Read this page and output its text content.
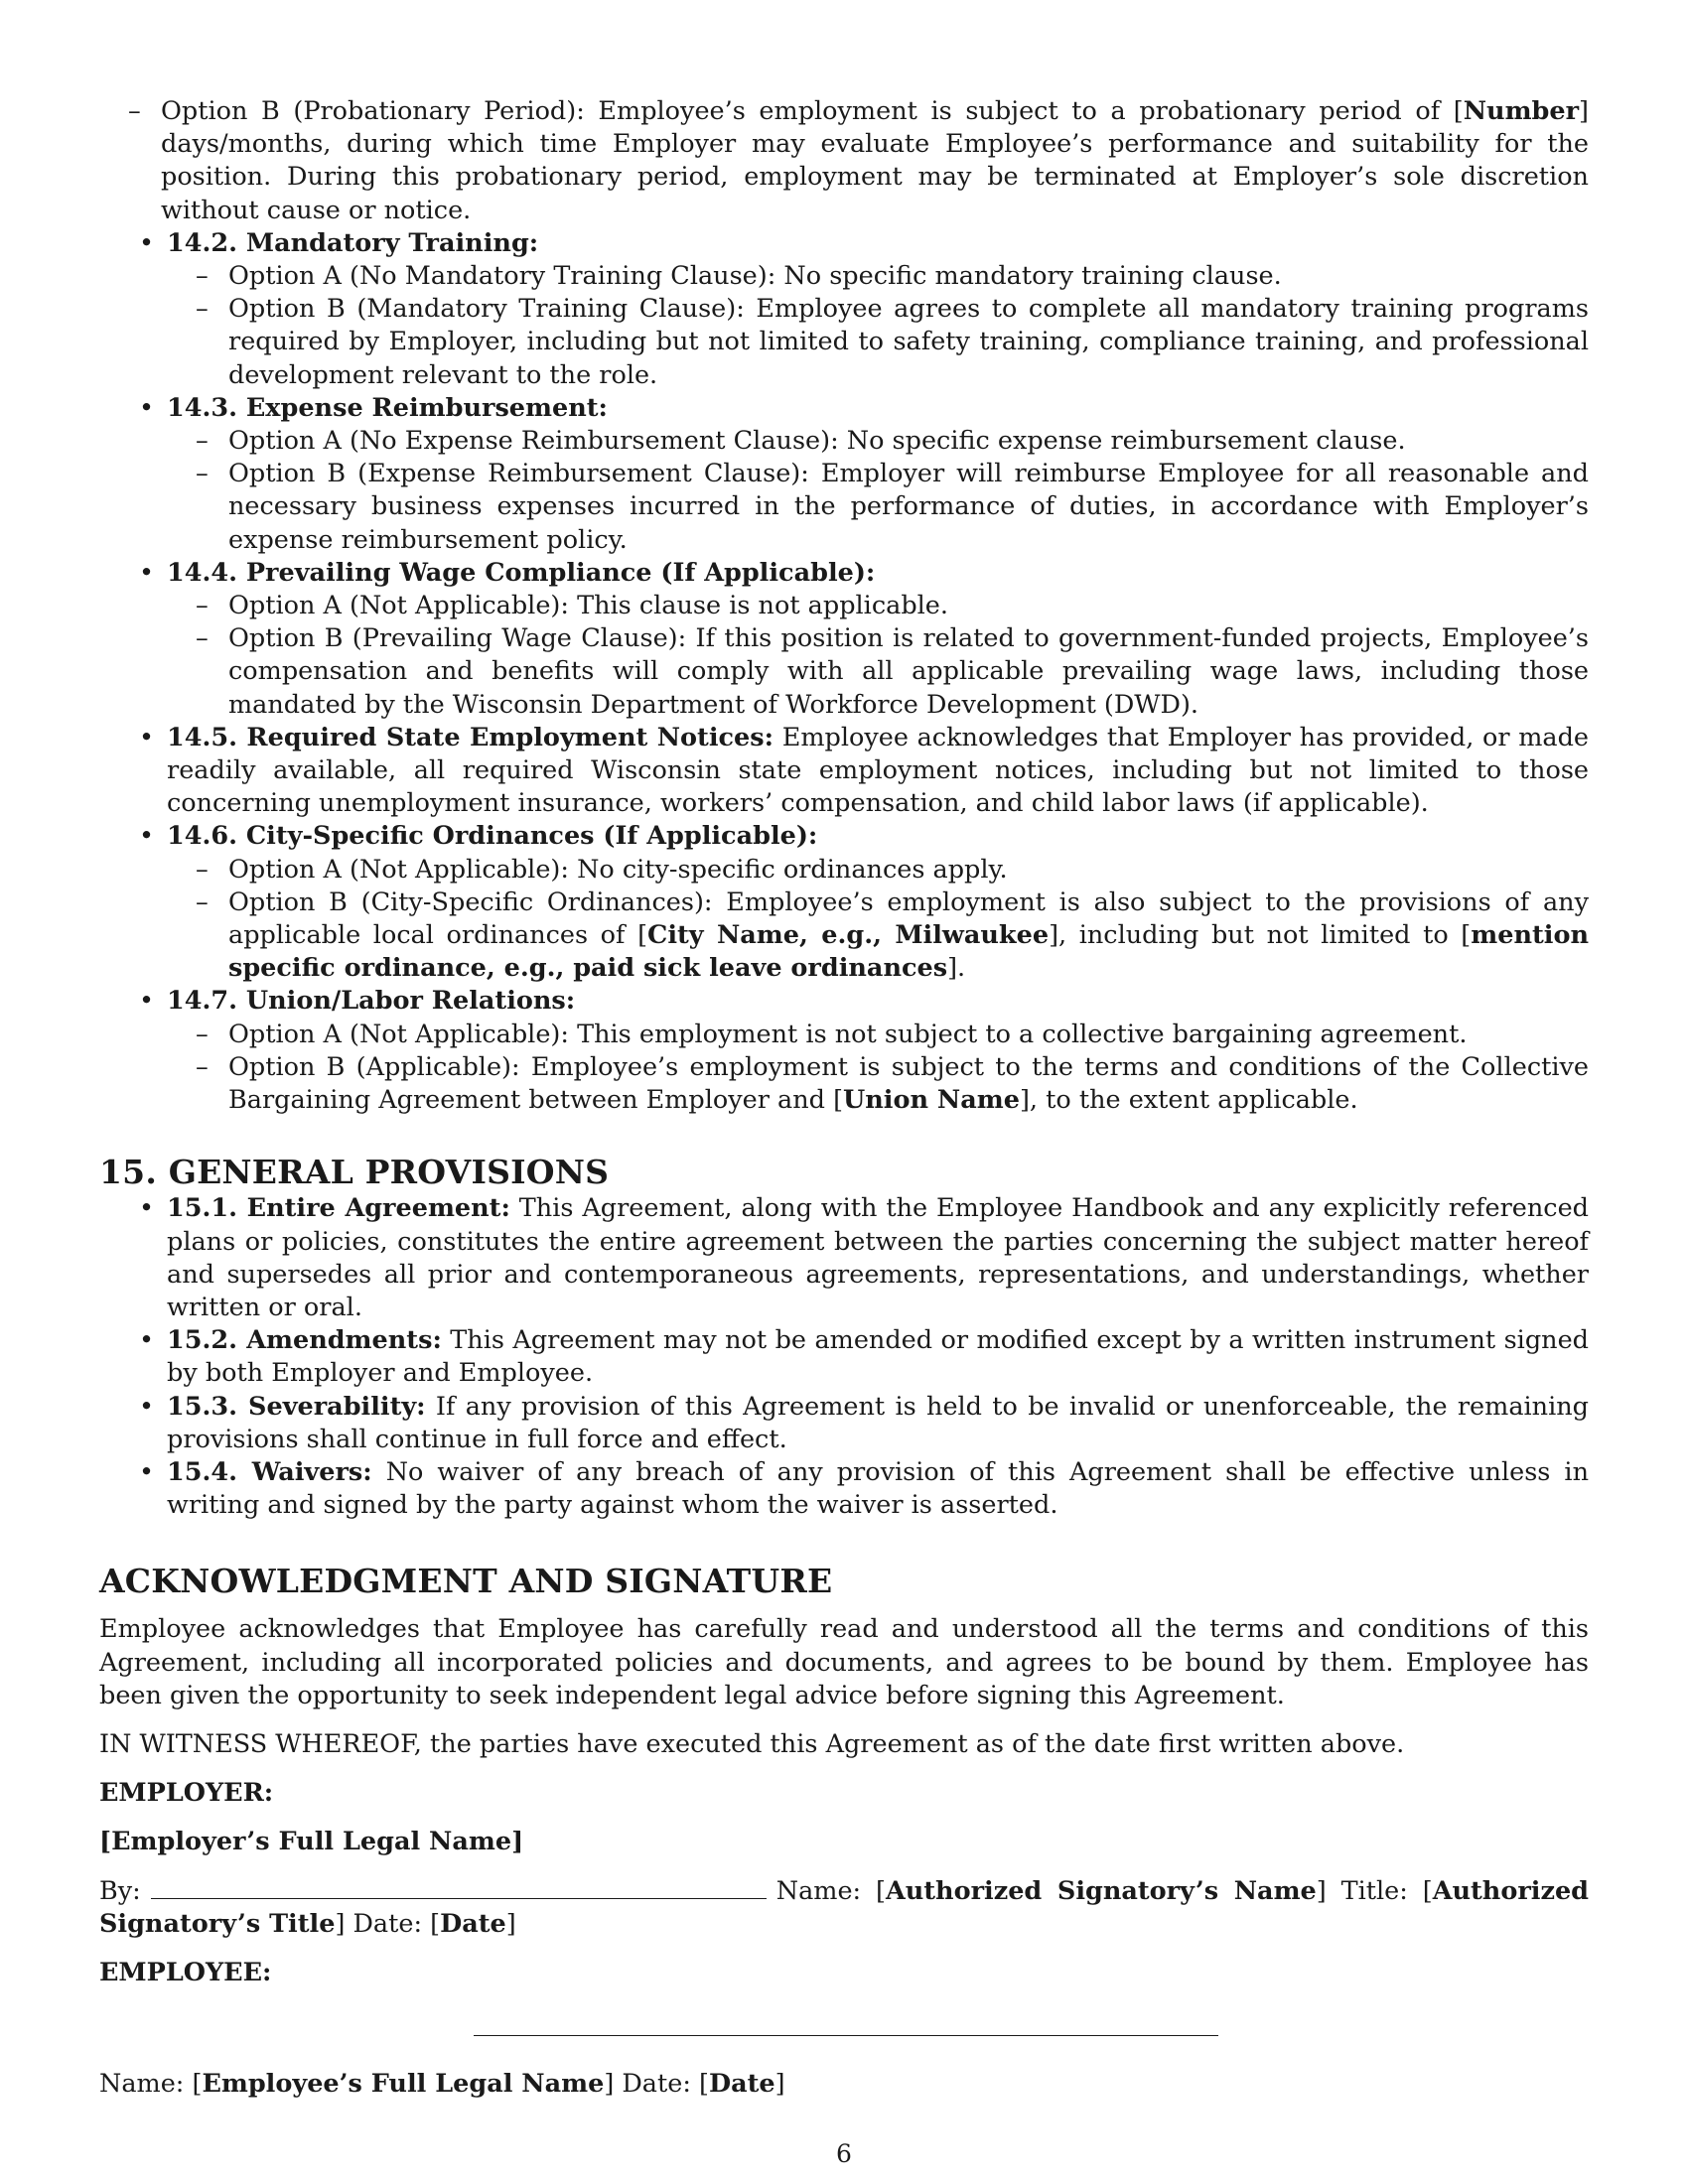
– Option B (Probationary Period): Employee’s employment is subject to a probationary period of [Number] days/months, during which time Employer may evaluate Employee’s performance and suitability for the position. During this probationary period, employment may be terminated at Employer’s sole discretion without cause or notice.
• 14.2. Mandatory Training:
– Option A (No Mandatory Training Clause): No specific mandatory training clause.
– Option B (Mandatory Training Clause): Employee agrees to complete all mandatory training programs required by Employer, including but not limited to safety training, compliance training, and professional development relevant to the role.
• 14.3. Expense Reimbursement:
– Option A (No Expense Reimbursement Clause): No specific expense reimbursement clause.
– Option B (Expense Reimbursement Clause): Employer will reimburse Employee for all reasonable and necessary business expenses incurred in the performance of duties, in accordance with Employer’s expense reimbursement policy.
• 14.4. Prevailing Wage Compliance (If Applicable):
– Option A (Not Applicable): This clause is not applicable.
– Option B (Prevailing Wage Clause): If this position is related to government-funded projects, Employee’s compensation and benefits will comply with all applicable prevailing wage laws, including those mandated by the Wisconsin Department of Workforce Development (DWD).
• 14.5. Required State Employment Notices: Employee acknowledges that Employer has provided, or made readily available, all required Wisconsin state employment notices, including but not limited to those concerning unemployment insurance, workers’ compensation, and child labor laws (if applicable).
• 14.6. City-Specific Ordinances (If Applicable):
– Option A (Not Applicable): No city-specific ordinances apply.
– Option B (City-Specific Ordinances): Employee’s employment is also subject to the provisions of any applicable local ordinances of [City Name, e.g., Milwaukee], including but not limited to [mention specific ordinance, e.g., paid sick leave ordinances].
• 14.7. Union/Labor Relations:
– Option A (Not Applicable): This employment is not subject to a collective bargaining agreement.
– Option B (Applicable): Employee’s employment is subject to the terms and conditions of the Collective Bargaining Agreement between Employer and [Union Name], to the extent applicable.
15. GENERAL PROVISIONS
• 15.1. Entire Agreement: This Agreement, along with the Employee Handbook and any explicitly referenced plans or policies, constitutes the entire agreement between the parties concerning the subject matter hereof and supersedes all prior and contemporaneous agreements, representations, and understandings, whether written or oral.
• 15.2. Amendments: This Agreement may not be amended or modified except by a written instrument signed by both Employer and Employee.
• 15.3. Severability: If any provision of this Agreement is held to be invalid or unenforceable, the remaining provisions shall continue in full force and effect.
• 15.4. Waivers: No waiver of any breach of any provision of this Agreement shall be effective unless in writing and signed by the party against whom the waiver is asserted.
ACKNOWLEDGMENT AND SIGNATURE

Employee acknowledges that Employee has carefully read and understood all the terms and conditions of this Agreement, including all incorporated policies and documents, and agrees to be bound by them. Employee has been given the opportunity to seek independent legal advice before signing this Agreement.

IN WITNESS WHEREOF, the parties have executed this Agreement as of the date first written above.

EMPLOYER:

[Employer’s Full Legal Name]

By:	Name: [Authorized Signatory’s Name] Title: [Authorized Signatory’s Title] Date: [Date]

EMPLOYEE:

Name: [Employee’s Full Legal Name] Date: [Date]

6
